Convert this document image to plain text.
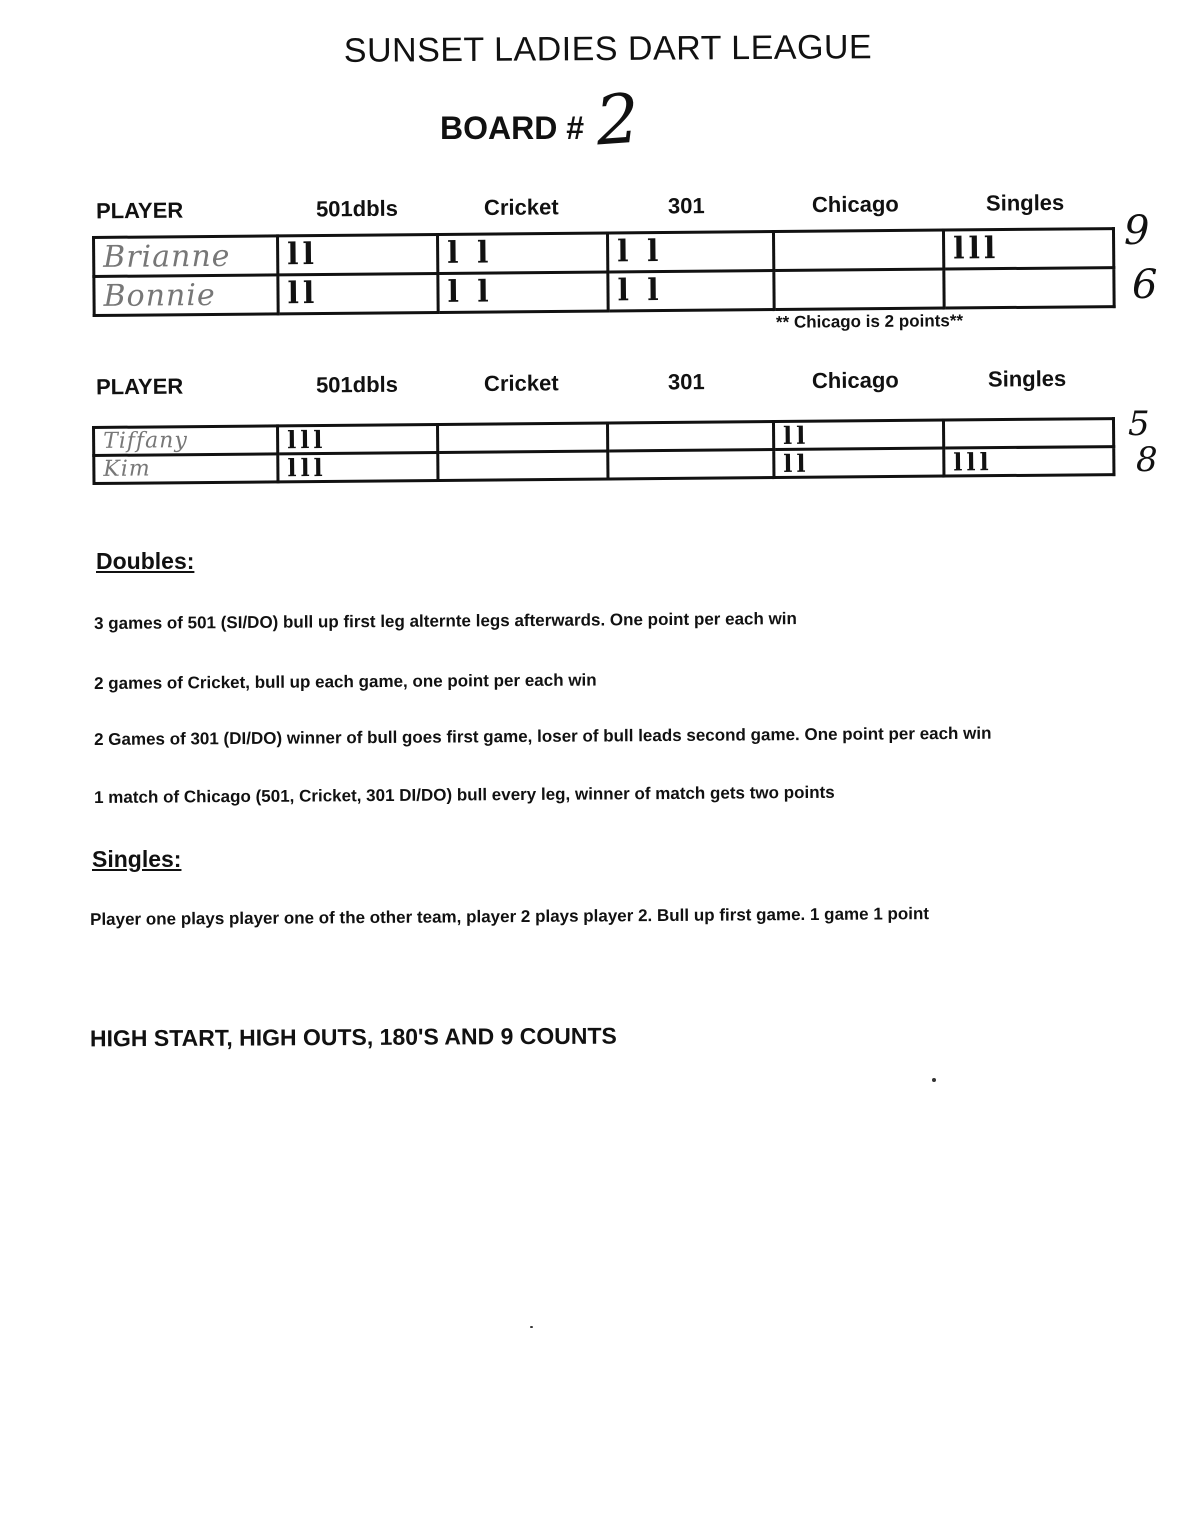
SUNSET LADIES DART LEAGUE
BOARD # 2
PLAYER	501dbls	Cricket	301	Chicago	Singles
Brianne	ll	l l	l l		lll
Bonnie	ll	l l	l l		
9
6
** Chicago is 2 points**
PLAYER	501dbls	Cricket	301	Chicago	Singles
Tiffany	lll			ll	
Kim	lll			ll	lll
5
8
Doubles:
3 games of 501 (SI/DO) bull up first leg alternte legs afterwards. One point per each win
2 games of Cricket, bull up each game, one point per each win
2 Games of 301 (DI/DO) winner of bull goes first game, loser of bull leads second game. One point per each win
1 match of Chicago (501, Cricket, 301 DI/DO) bull every leg, winner of match gets two points
Singles:
Player one plays player one of the other team, player 2 plays player 2. Bull up first game. 1 game 1 point
HIGH START, HIGH OUTS, 180'S AND 9 COUNTS
